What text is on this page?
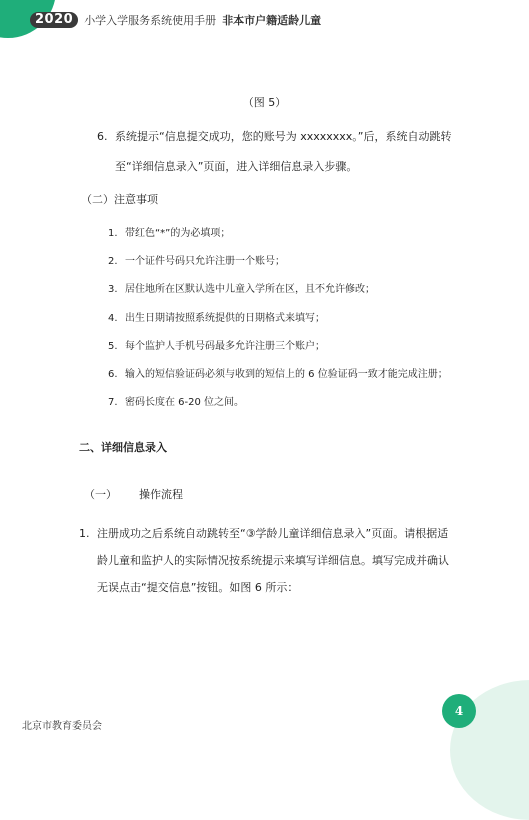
2020	小学入学服务系统使用手册 非本市户籍适龄儿童
（图 5）
6. 系统提示“信息提交成功，您的账号为 xxxxxxxx。”后，系统自动跳转
至“详细信息录入”页面，进入详细信息录入步骤。
（二）注意事项
1. 带红色“*”的为必填项；
2. 一个证件号码只允许注册一个账号；
3. 居住地所在区默认选中儿童入学所在区，且不允许修改；
4. 出生日期请按照系统提供的日期格式来填写；
5. 每个监护人手机号码最多允许注册三个账户；
6. 输入的短信验证码必须与收到的短信上的 6 位验证码一致才能完成注册；
7. 密码长度在 6-20 位之间。
二、详细信息录入
（一） 操作流程
1. 注册成功之后系统自动跳转至“③学龄儿童详细信息录入”页面。请根据适
龄儿童和监护人的实际情况按系统提示来填写详细信息。填写完成并确认
无误点击“提交信息”按钮。如图 6 所示：
北京市教育委员会
4
